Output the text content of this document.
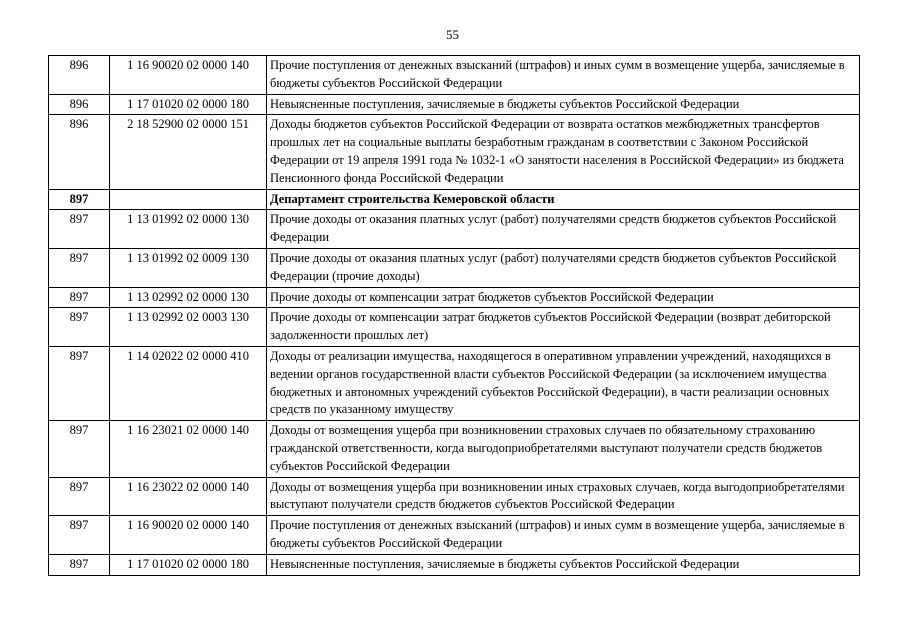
55
896	1 16 90020 02 0000 140	Прочие поступления от денежных взысканий (штрафов) и иных сумм в возмещение ущерба, зачисляемые в бюджеты субъектов Российской Федерации
896	1 17 01020 02 0000 180	Невыясненные поступления, зачисляемые в бюджеты субъектов Российской Федерации
896	2 18 52900 02 0000 151	Доходы бюджетов субъектов Российской Федерации от возврата остатков межбюджетных трансфертов прошлых лет на социальные выплаты безработным гражданам в соответствии с Законом Российской Федерации от 19 апреля 1991 года № 1032-1 «О занятости населения в Российской Федерации» из бюджета Пенсионного фонда Российской Федерации
897		Департамент строительства Кемеровской области
897	1 13 01992 02 0000 130	Прочие доходы от оказания платных услуг (работ) получателями средств бюджетов субъектов Российской Федерации
897	1 13 01992 02 0009 130	Прочие доходы от оказания платных услуг (работ) получателями средств бюджетов субъектов Российской Федерации (прочие доходы)
897	1 13 02992 02 0000 130	Прочие доходы от компенсации затрат бюджетов субъектов Российской Федерации
897	1 13 02992 02 0003 130	Прочие доходы от компенсации затрат бюджетов субъектов Российской Федерации (возврат дебиторской задолженности прошлых лет)
897	1 14 02022 02 0000 410	Доходы от реализации имущества, находящегося в оперативном управлении учреждений, находящихся в ведении органов государственной власти субъектов Российской Федерации (за исключением имущества бюджетных и автономных учреждений субъектов Российской Федерации), в части реализации основных средств по указанному имуществу
897	1 16 23021 02 0000 140	Доходы от возмещения ущерба при возникновении страховых случаев по обязательному страхованию гражданской ответственности, когда выгодоприобретателями выступают получатели средств бюджетов субъектов Российской Федерации
897	1 16 23022 02 0000 140	Доходы от возмещения ущерба при возникновении иных страховых случаев, когда выгодоприобретателями выступают получатели средств бюджетов субъектов Российской Федерации
897	1 16 90020 02 0000 140	Прочие поступления от денежных взысканий (штрафов) и иных сумм в возмещение ущерба, зачисляемые в бюджеты субъектов Российской Федерации
897	1 17 01020 02 0000 180	Невыясненные поступления, зачисляемые в бюджеты субъектов Российской Федерации
